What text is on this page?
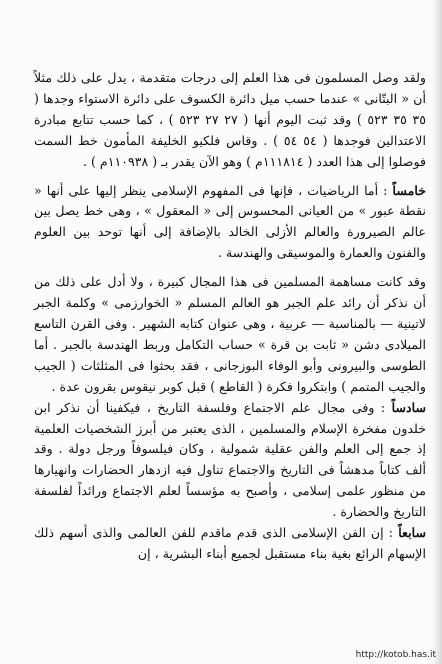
ولقد وصل المسلمون فى هذا العلم إلى درجات متقدمة ، يدل على ذلك مثلاً أن « البتّانى » عندما حسب ميل دائرة الكسوف على دائرة الاستواء وجدها ( ٣٥ ٣٥ ٥٢٣ ) وقد ثبت اليوم أنها ( ٢٧ ٢٧ ٥٢٣ ) ، كما حسب تتابع مبادرة الاعتدالين فوجدها ( ٥٤ ٥٤ ) . وقاس فلكيو الخليفة المأمون خط السمت فوصلوا إلى هذا العدد ( ١١١٨١٤م ) وهو الآن يقدر بـ ( ١١٠٩٣٨م ) .

خامساً : أما الرياضيات ، فإنها فى المفهوم الإسلامى ينظر إليها على أنها « نقطة عبور » من العيانى المحسوس إلى « المعقول » ، وهى خط يصل بين عالم الصيرورة والعالم الأزلى الخالد بالإضافة إلى أنها توحد بين العلوم والفنون والعمارة والموسيقى والهندسة .

وقد كانت مساهمة المسلمين فى هذا المجال كبيرة ، ولا أدل على ذلك من أن نذكر أن رائد علم الجبر هو العالم المسلم « الخوارزمى » وكلمة الجبر لاتينية — بالمناسبة — عربية ، وهى عنوان كتابه الشهير . وفى القرن التاسع الميلادى دشن « ثابت بن قرة » حساب التكامل وربط الهندسة بالجبر . أما الطوسى والبيرونى وأبو الوفاء البوزجانى ، فقد بحثوا فى المثلثات ( الجيب والجيب المتمم ) وابتكروا فكرة ( القاطع ) قبل كوبر نيقوس بقرون عدة .

سادساً : وفى مجال علم الاجتماع وفلسفة التاريخ ، فيكفينا أن نذكر ابن خلدون مفخرة الإسلام والمسلمين ، الذى يعتبر من أبرز الشخصيات العلمية إذ جمع إلى العلم والفن عقلية شمولية ، وكان فيلسوفاً ورجل دولة . وقد ألف كتاباً مدهشاً فى التاريخ والاجتماع تناول فيه ازدهار الحضارات وانهيارها من منظور علمى إسلامى ، وأصبح به مؤسساً لعلم الاجتماع ورائداً لفلسفة التاريخ والحضارة .

سابعاً : إن الفن الإسلامى الذى قدم ماقدم للفن العالمى والذى أسهم ذلك الإسهام الرائع بغية بناء مستقبل لجميع أبناء البشرية ، إن

http://kotob.has.it
